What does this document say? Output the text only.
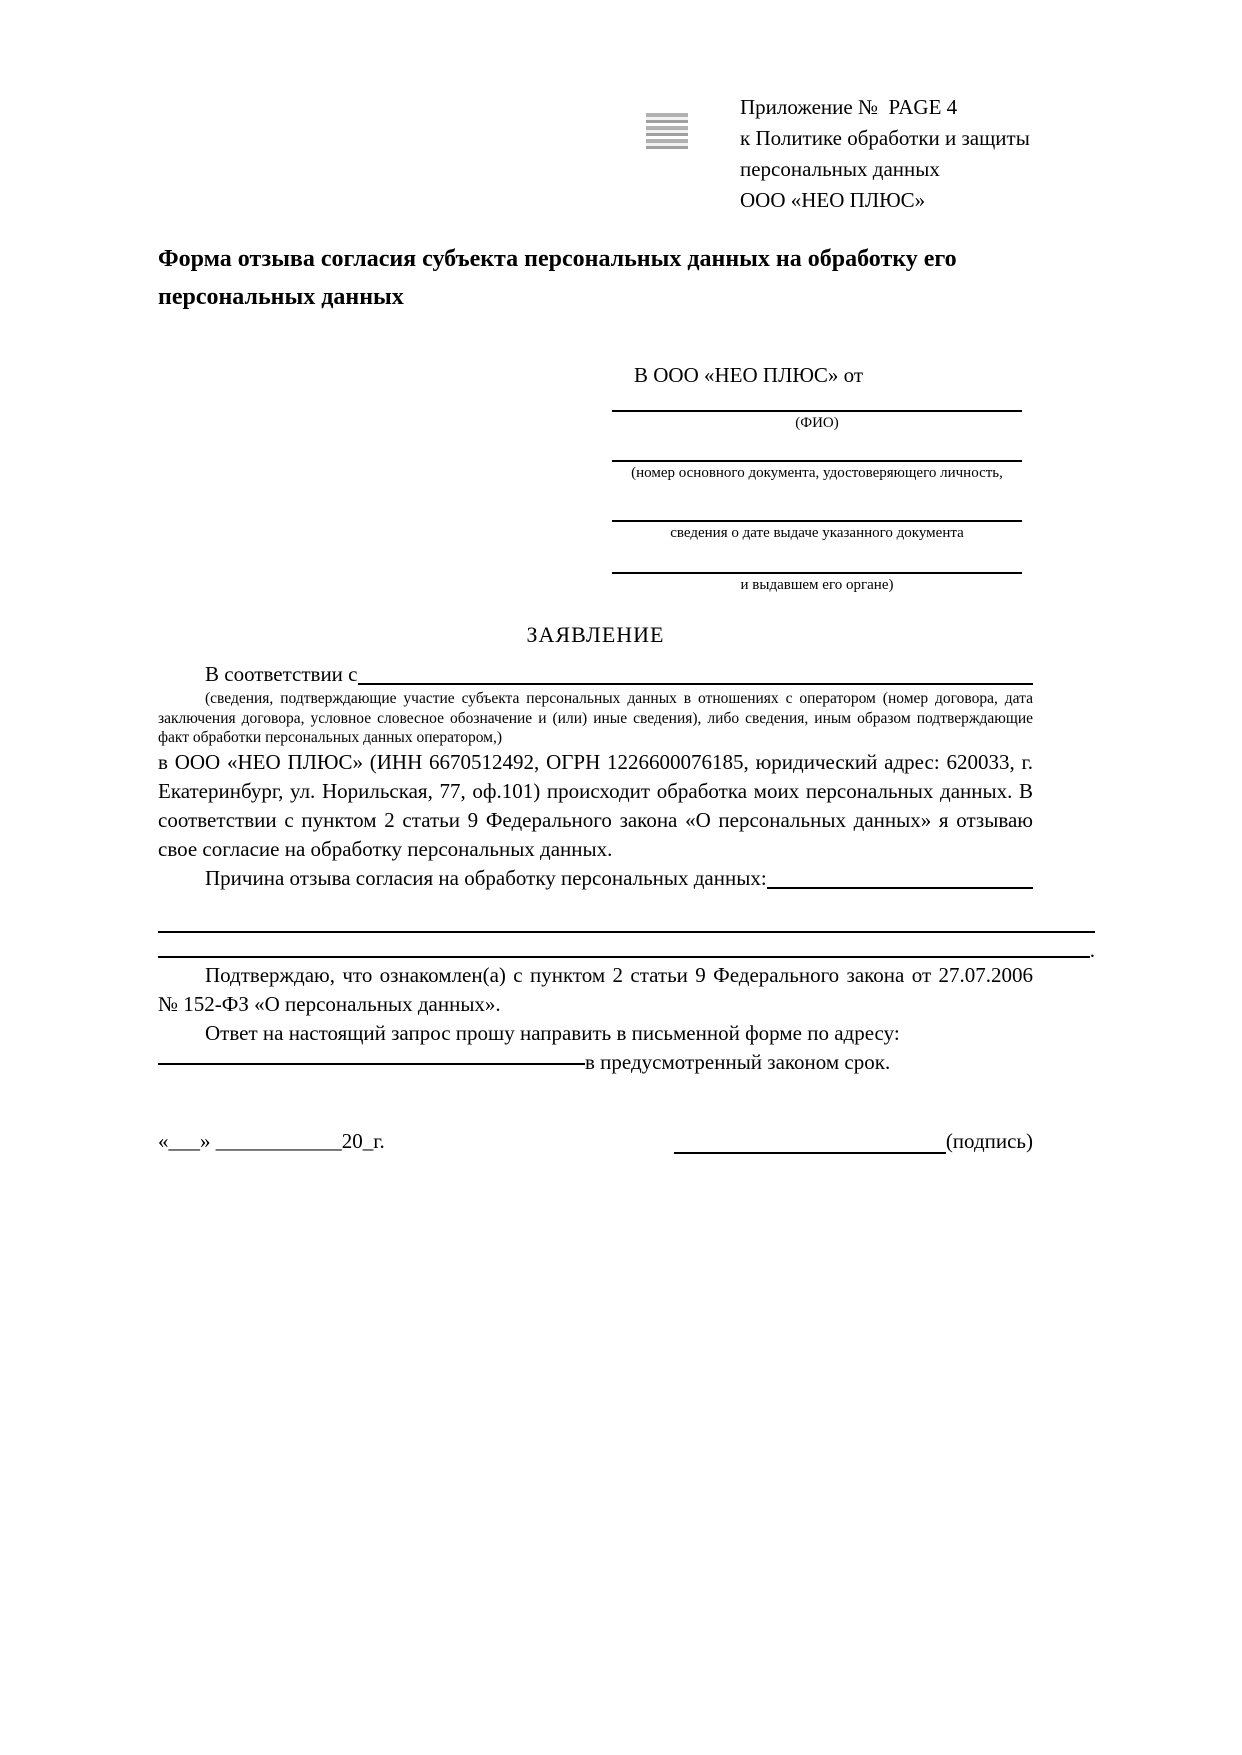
Приложение №  PAGE 4
к Политике обработки и защиты
персональных данных
ООО «НЕО ПЛЮС»
Форма отзыва согласия субъекта персональных данных на обработку его персональных данных
В ООО «НЕО ПЛЮС» от
(ФИО)
(номер основного документа, удостоверяющего личность,
сведения о дате выдаче указанного документа
и выдавшем его органе)
ЗАЯВЛЕНИЕ
В соответствии с
(сведения, подтверждающие участие субъекта персональных данных в отношениях с оператором (номер договора, дата заключения договора, условное словесное обозначение и (или) иные сведения), либо сведения, иным образом подтверждающие факт обработки персональных данных оператором,)
в ООО «НЕО ПЛЮС» (ИНН 6670512492, ОГРН 1226600076185, юридический адрес: 620033, г. Екатеринбург, ул. Норильская, 77, оф.101) происходит обработка моих персональных данных. В соответствии с пунктом 2 статьи 9 Федерального закона «О персональных данных» я отзываю свое согласие на обработку персональных данных.
Причина отзыва согласия на обработку персональных данных:
.
Подтверждаю, что ознакомлен(а) с пунктом 2 статьи 9 Федерального закона от 27.07.2006 № 152-ФЗ «О персональных данных».
Ответ на настоящий запрос прошу направить в письменной форме по адресу:
в предусмотренный законом срок.
«___» ____________20_г.	(подпись)
